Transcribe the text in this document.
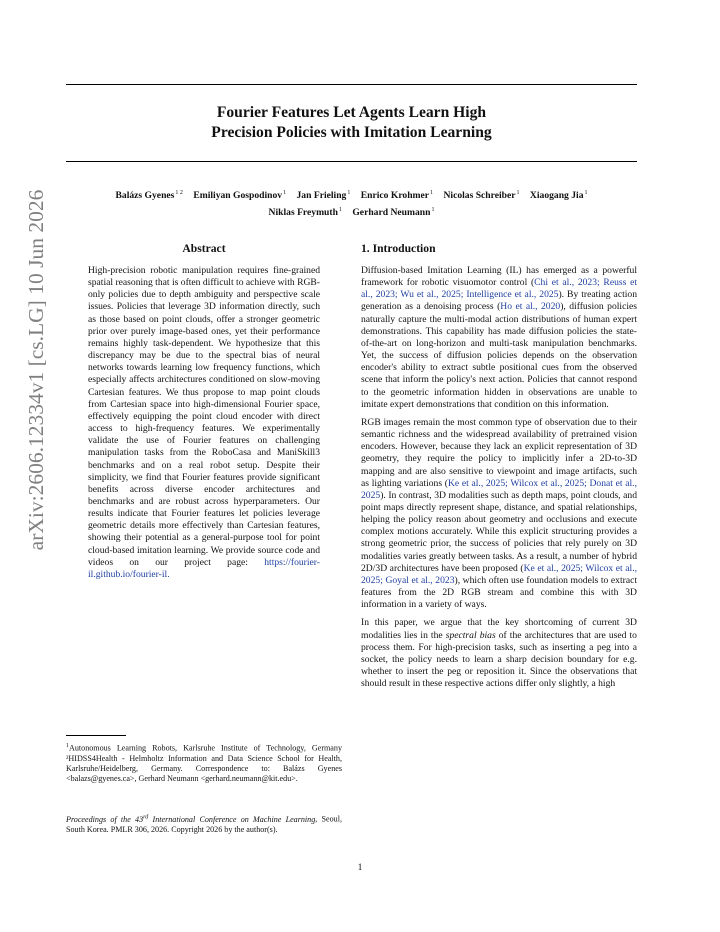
arXiv:2606.12334v1 [cs.LG] 10 Jun 2026
Fourier Features Let Agents Learn High
Precision Policies with Imitation Learning
Balázs Gyenes$^{1 2}$ Emiliyan Gospodinov$^1$ Jan Frieling$^1$ Enrico Krohmer$^1$ Nicolas Schreiber$^1$ Xiaogang Jia$^1$
Niklas Freymuth$^1$ Gerhard Neumann$^1$
Abstract

High-precision robotic manipulation requires fine-grained spatial reasoning that is often difficult to achieve with RGB-only policies due to depth ambiguity and perspective scale issues. Policies that leverage 3D information directly, such as those based on point clouds, offer a stronger geometric prior over purely image-based ones, yet their performance remains highly task-dependent. We hypothesize that this discrepancy may be due to the spectral bias of neural networks towards learning low frequency functions, which especially affects architectures conditioned on slow-moving Cartesian features. We thus propose to map point clouds from Cartesian space into high-dimensional Fourier space, effectively equipping the point cloud encoder with direct access to high-frequency features. We experimentally validate the use of Fourier features on challenging manipulation tasks from the RoboCasa and ManiSkill3 benchmarks and on a real robot setup. Despite their simplicity, we find that Fourier features provide significant benefits across diverse encoder architectures and benchmarks and are robust across hyperparameters. Our results indicate that Fourier features let policies leverage geometric details more effectively than Cartesian features, showing their potential as a general-purpose tool for point cloud-based imitation learning. We provide source code and videos on our project page: https://fourier-il.github.io/fourier-il.

1. Introduction

Diffusion-based Imitation Learning (IL) has emerged as a powerful framework for robotic visuomotor control (Chi et al., 2023; Reuss et al., 2023; Wu et al., 2025; Intelligence et al., 2025). By treating action generation as a denoising process (Ho et al., 2020), diffusion policies naturally capture the multi-modal action distributions of human expert demonstrations. This capability has made diffusion policies the state-of-the-art on long-horizon and multi-task manipulation benchmarks. Yet, the success of diffusion policies depends on the observation encoder's ability to extract subtle positional cues from the observed scene that inform the policy's next action. Policies that cannot respond to the geometric information hidden in observations are unable to imitate expert demonstrations that condition on this information.

RGB images remain the most common type of observation due to their semantic richness and the widespread availability of pretrained vision encoders. However, because they lack an explicit representation of 3D geometry, they require the policy to implicitly infer a 2D-to-3D mapping and are also sensitive to viewpoint and image artifacts, such as lighting variations (Ke et al., 2025; Wilcox et al., 2025; Donat et al., 2025). In contrast, 3D modalities such as depth maps, point clouds, and point maps directly represent shape, distance, and spatial relationships, helping the policy reason about geometry and occlusions and execute complex motions accurately. While this explicit structuring provides a strong geometric prior, the success of policies that rely purely on 3D modalities varies greatly between tasks. As a result, a number of hybrid 2D/3D architectures have been proposed (Ke et al., 2025; Wilcox et al., 2025; Goyal et al., 2023), which often use foundation models to extract features from the 2D RGB stream and combine this with 3D information in a variety of ways.

In this paper, we argue that the key shortcoming of current 3D modalities lies in the spectral bias of the architectures that are used to process them. For high-precision tasks, such as inserting a peg into a socket, the policy needs to learn a sharp decision boundary for e.g. whether to insert the peg or reposition it. Since the observations that should result in these respective actions differ only slightly, a high

$^1$Autonomous Learning Robots, Karlsruhe Institute of Technology, Germany ²HIDSS4Health - Helmholtz Information and Data Science School for Health, Karlsruhe/Heidelberg, Germany. Correspondence to: Balázs Gyenes <balazs@gyenes.ca>, Gerhard Neumann <gerhard.neumann@kit.edu>.
Proceedings of the 43rd International Conference on Machine Learning, Seoul, South Korea. PMLR 306, 2026. Copyright 2026 by the author(s).
1
